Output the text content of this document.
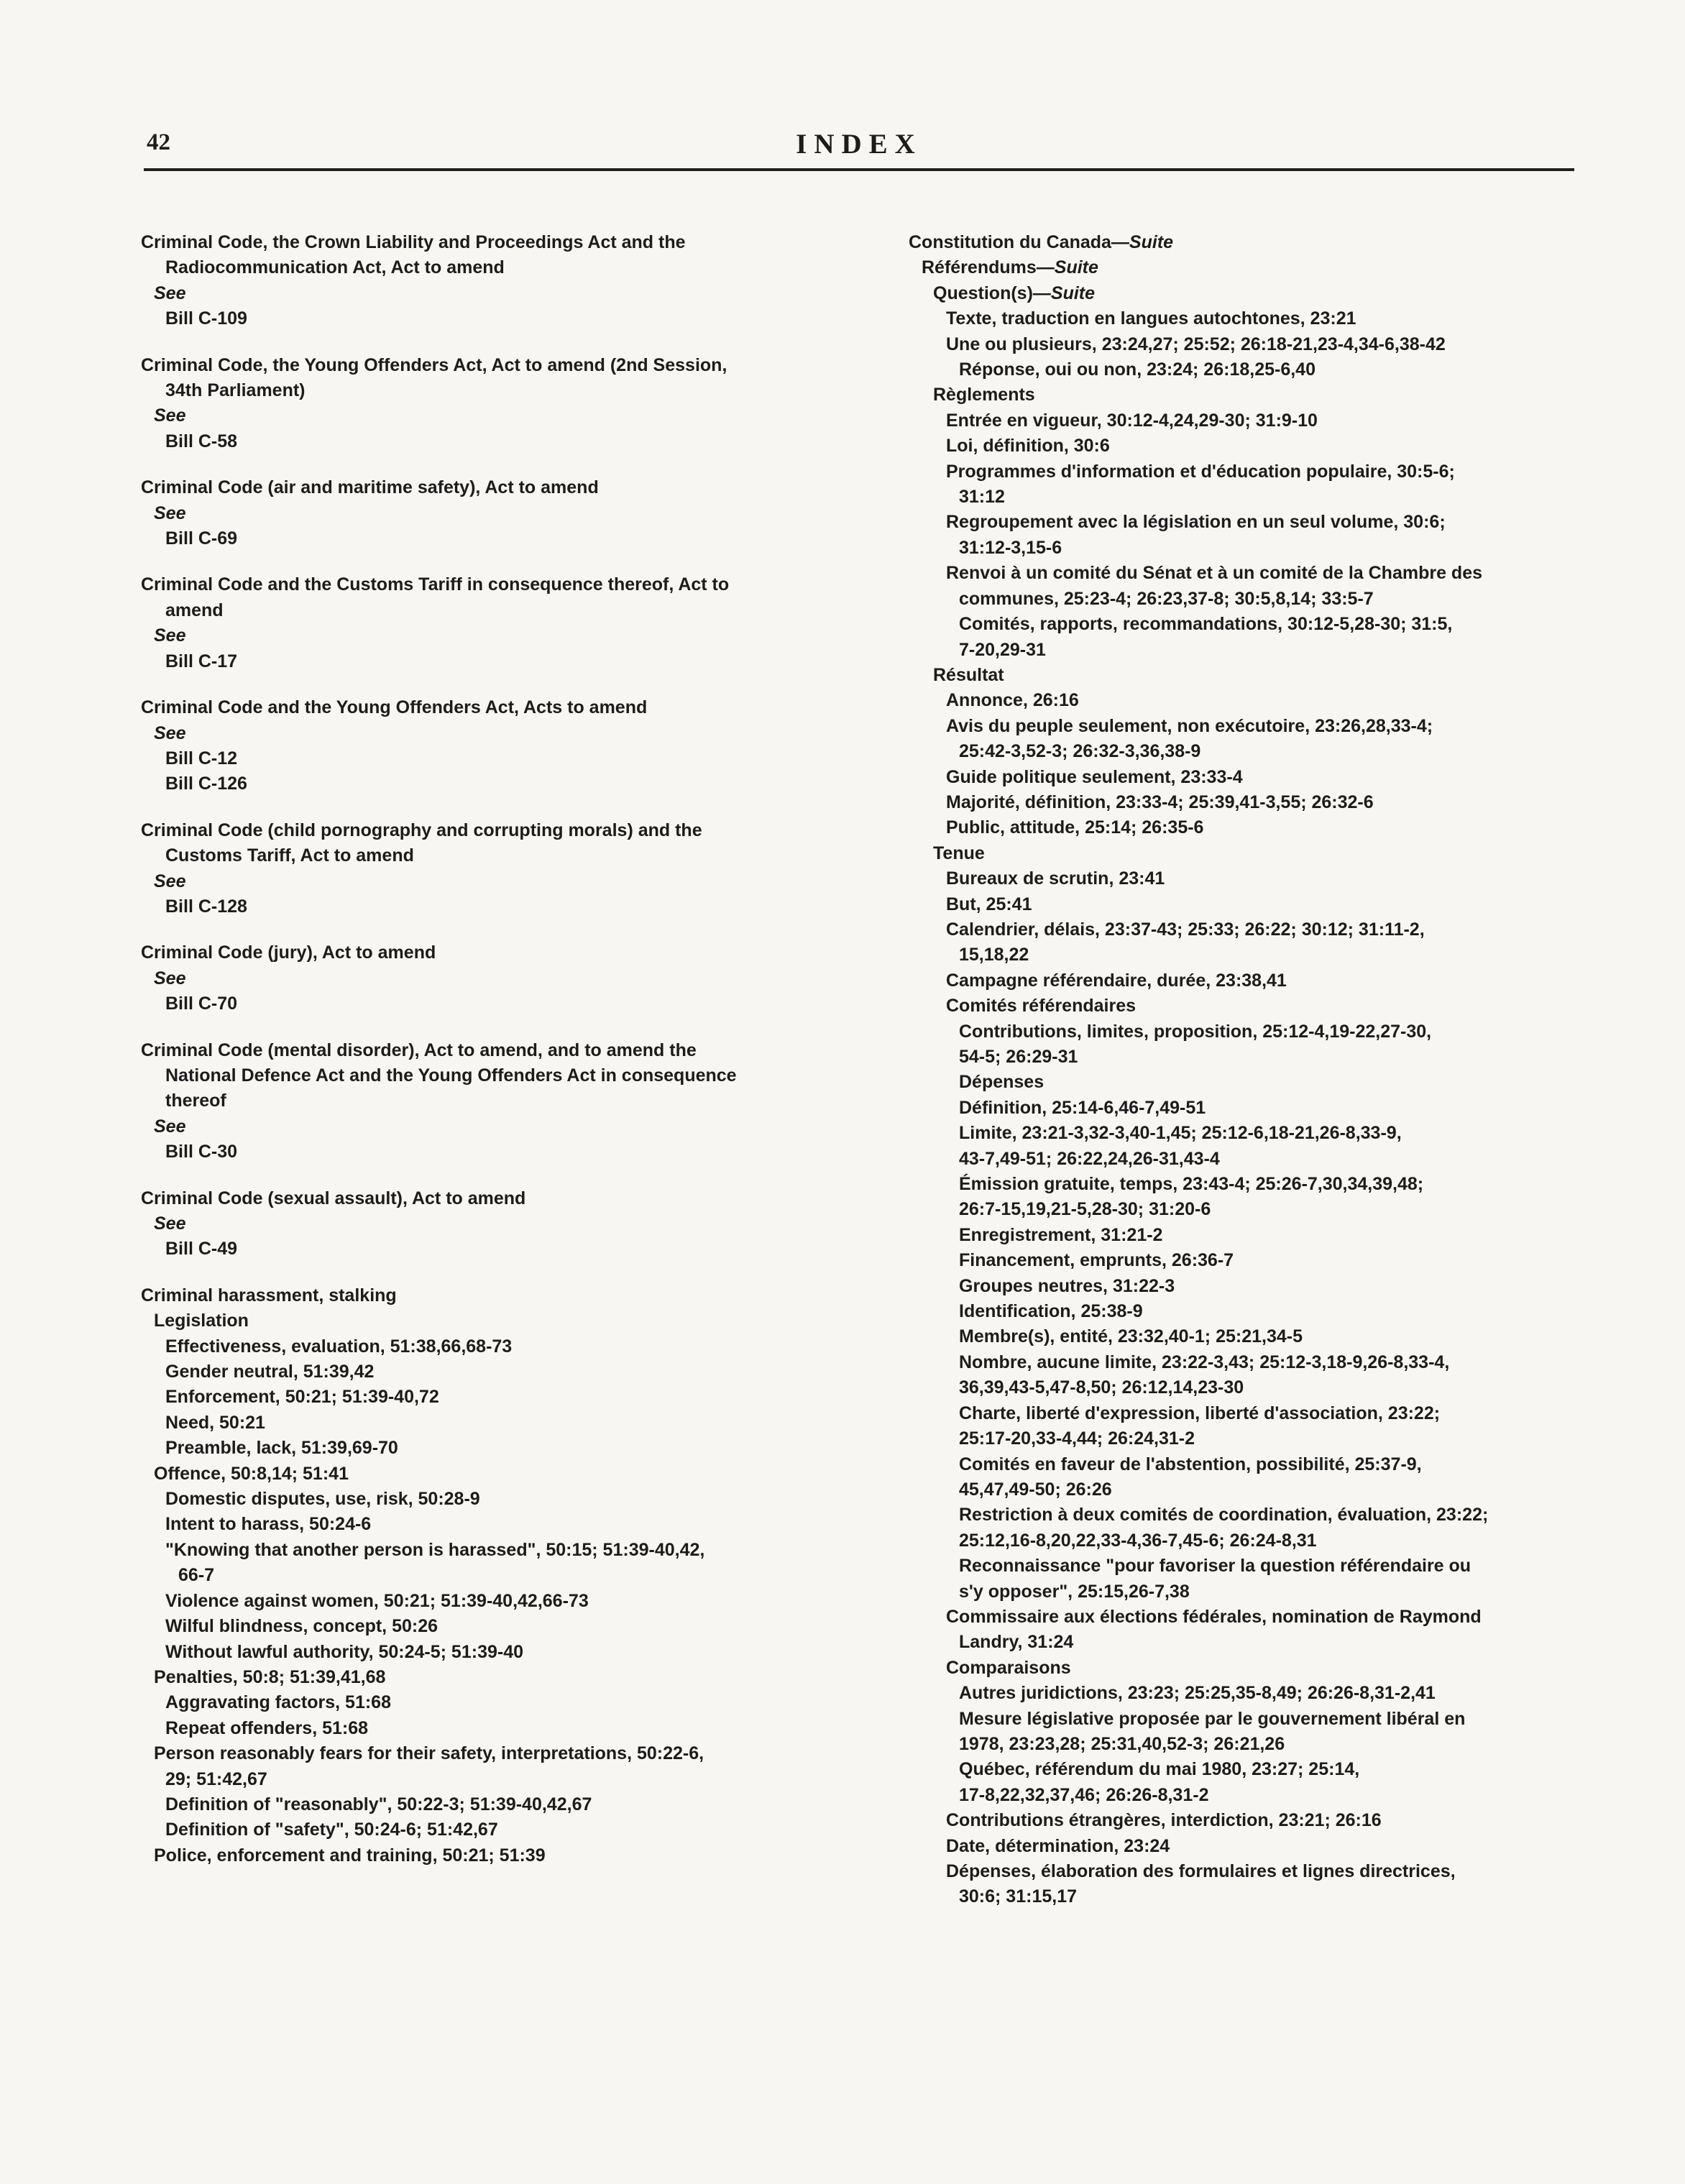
42	INDEX
Criminal Code, the Crown Liability and Proceedings Act and the
Radiocommunication Act, Act to amend
See
Bill C-109
Criminal Code, the Young Offenders Act, Act to amend (2nd Session,
34th Parliament)
See
Bill C-58
Criminal Code (air and maritime safety), Act to amend
See
Bill C-69
Criminal Code and the Customs Tariff in consequence thereof, Act to
amend
See
Bill C-17
Criminal Code and the Young Offenders Act, Acts to amend
See
Bill C-12
Bill C-126
Criminal Code (child pornography and corrupting morals) and the
Customs Tariff, Act to amend
See
Bill C-128
Criminal Code (jury), Act to amend
See
Bill C-70
Criminal Code (mental disorder), Act to amend, and to amend the
National Defence Act and the Young Offenders Act in consequence
thereof
See
Bill C-30
Criminal Code (sexual assault), Act to amend
See
Bill C-49
Criminal harassment, stalking
Legislation
Effectiveness, evaluation, 51:38,66,68-73
Gender neutral, 51:39,42
Enforcement, 50:21; 51:39-40,72
Need, 50:21
Preamble, lack, 51:39,69-70
Offence, 50:8,14; 51:41
Domestic disputes, use, risk, 50:28-9
Intent to harass, 50:24-6
"Knowing that another person is harassed", 50:15; 51:39-40,42,
66-7
Violence against women, 50:21; 51:39-40,42,66-73
Wilful blindness, concept, 50:26
Without lawful authority, 50:24-5; 51:39-40
Penalties, 50:8; 51:39,41,68
Aggravating factors, 51:68
Repeat offenders, 51:68
Person reasonably fears for their safety, interpretations, 50:22-6,
29; 51:42,67
Definition of "reasonably", 50:22-3; 51:39-40,42,67
Definition of "safety", 50:24-6; 51:42,67
Police, enforcement and training, 50:21; 51:39
Constitution du Canada—Suite
Référendums—Suite
Question(s)—Suite
Texte, traduction en langues autochtones, 23:21
Une ou plusieurs, 23:24,27; 25:52; 26:18-21,23-4,34-6,38-42
Réponse, oui ou non, 23:24; 26:18,25-6,40
Règlements
Entrée en vigueur, 30:12-4,24,29-30; 31:9-10
Loi, définition, 30:6
Programmes d'information et d'éducation populaire, 30:5-6;
31:12
Regroupement avec la législation en un seul volume, 30:6;
31:12-3,15-6
Renvoi à un comité du Sénat et à un comité de la Chambre des
communes, 25:23-4; 26:23,37-8; 30:5,8,14; 33:5-7
Comités, rapports, recommandations, 30:12-5,28-30; 31:5,
7-20,29-31
Résultat
Annonce, 26:16
Avis du peuple seulement, non exécutoire, 23:26,28,33-4;
25:42-3,52-3; 26:32-3,36,38-9
Guide politique seulement, 23:33-4
Majorité, définition, 23:33-4; 25:39,41-3,55; 26:32-6
Public, attitude, 25:14; 26:35-6
Tenue
Bureaux de scrutin, 23:41
But, 25:41
Calendrier, délais, 23:37-43; 25:33; 26:22; 30:12; 31:11-2,
15,18,22
Campagne référendaire, durée, 23:38,41
Comités référendaires
Contributions, limites, proposition, 25:12-4,19-22,27-30,
54-5; 26:29-31
Dépenses
Définition, 25:14-6,46-7,49-51
Limite, 23:21-3,32-3,40-1,45; 25:12-6,18-21,26-8,33-9,
43-7,49-51; 26:22,24,26-31,43-4
Émission gratuite, temps, 23:43-4; 25:26-7,30,34,39,48;
26:7-15,19,21-5,28-30; 31:20-6
Enregistrement, 31:21-2
Financement, emprunts, 26:36-7
Groupes neutres, 31:22-3
Identification, 25:38-9
Membre(s), entité, 23:32,40-1; 25:21,34-5
Nombre, aucune limite, 23:22-3,43; 25:12-3,18-9,26-8,33-4,
36,39,43-5,47-8,50; 26:12,14,23-30
Charte, liberté d'expression, liberté d'association, 23:22;
25:17-20,33-4,44; 26:24,31-2
Comités en faveur de l'abstention, possibilité, 25:37-9,
45,47,49-50; 26:26
Restriction à deux comités de coordination, évaluation, 23:22;
25:12,16-8,20,22,33-4,36-7,45-6; 26:24-8,31
Reconnaissance "pour favoriser la question référendaire ou
s'y opposer", 25:15,26-7,38
Commissaire aux élections fédérales, nomination de Raymond
Landry, 31:24
Comparaisons
Autres juridictions, 23:23; 25:25,35-8,49; 26:26-8,31-2,41
Mesure législative proposée par le gouvernement libéral en
1978, 23:23,28; 25:31,40,52-3; 26:21,26
Québec, référendum du mai 1980, 23:27; 25:14,
17-8,22,32,37,46; 26:26-8,31-2
Contributions étrangères, interdiction, 23:21; 26:16
Date, détermination, 23:24
Dépenses, élaboration des formulaires et lignes directrices,
30:6; 31:15,17
